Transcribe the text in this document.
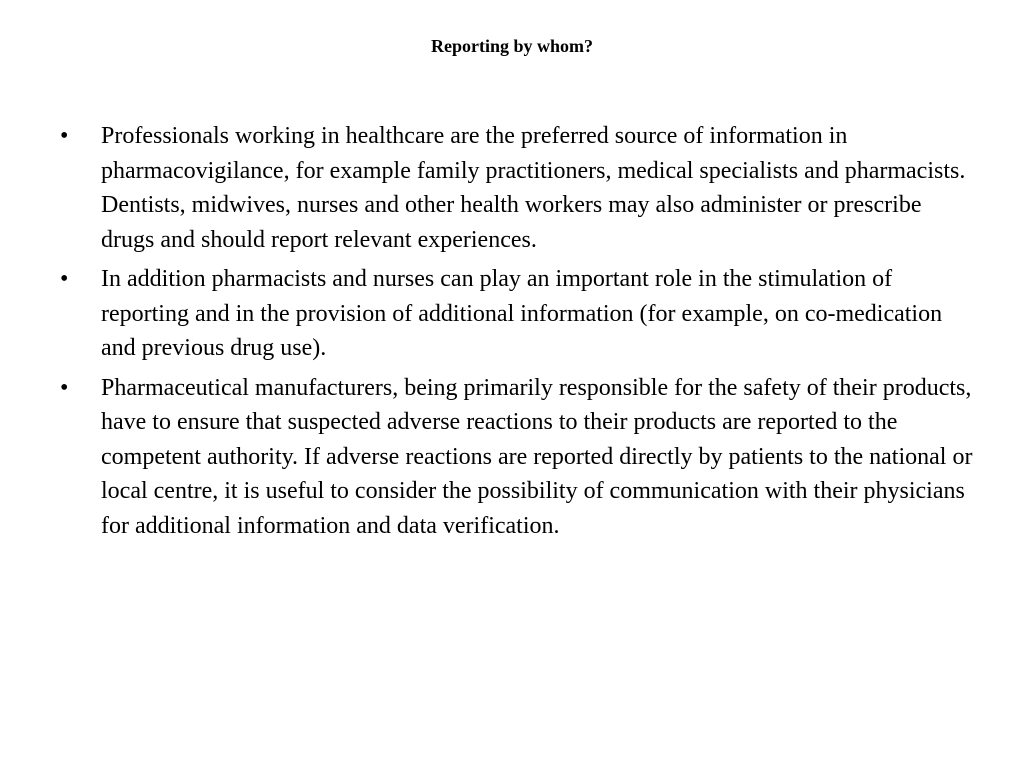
Reporting by whom?
•	Professionals working in healthcare are the preferred source of information in pharmacovigilance, for example family practitioners, medical specialists and pharmacists. Dentists, midwives, nurses and other health workers may also administer or prescribe drugs and should report relevant experiences.
•	In addition pharmacists and nurses can play an important role in the stimulation of reporting and in the provision of additional information (for example, on co-medication and previous drug use).
•	Pharmaceutical manufacturers, being primarily responsible for the safety of their products, have to ensure that suspected adverse reactions to their products are reported to the competent authority. If adverse reactions are reported directly by patients to the national or local centre, it is useful to consider the possibility of communication with their physicians for additional information and data verification.
